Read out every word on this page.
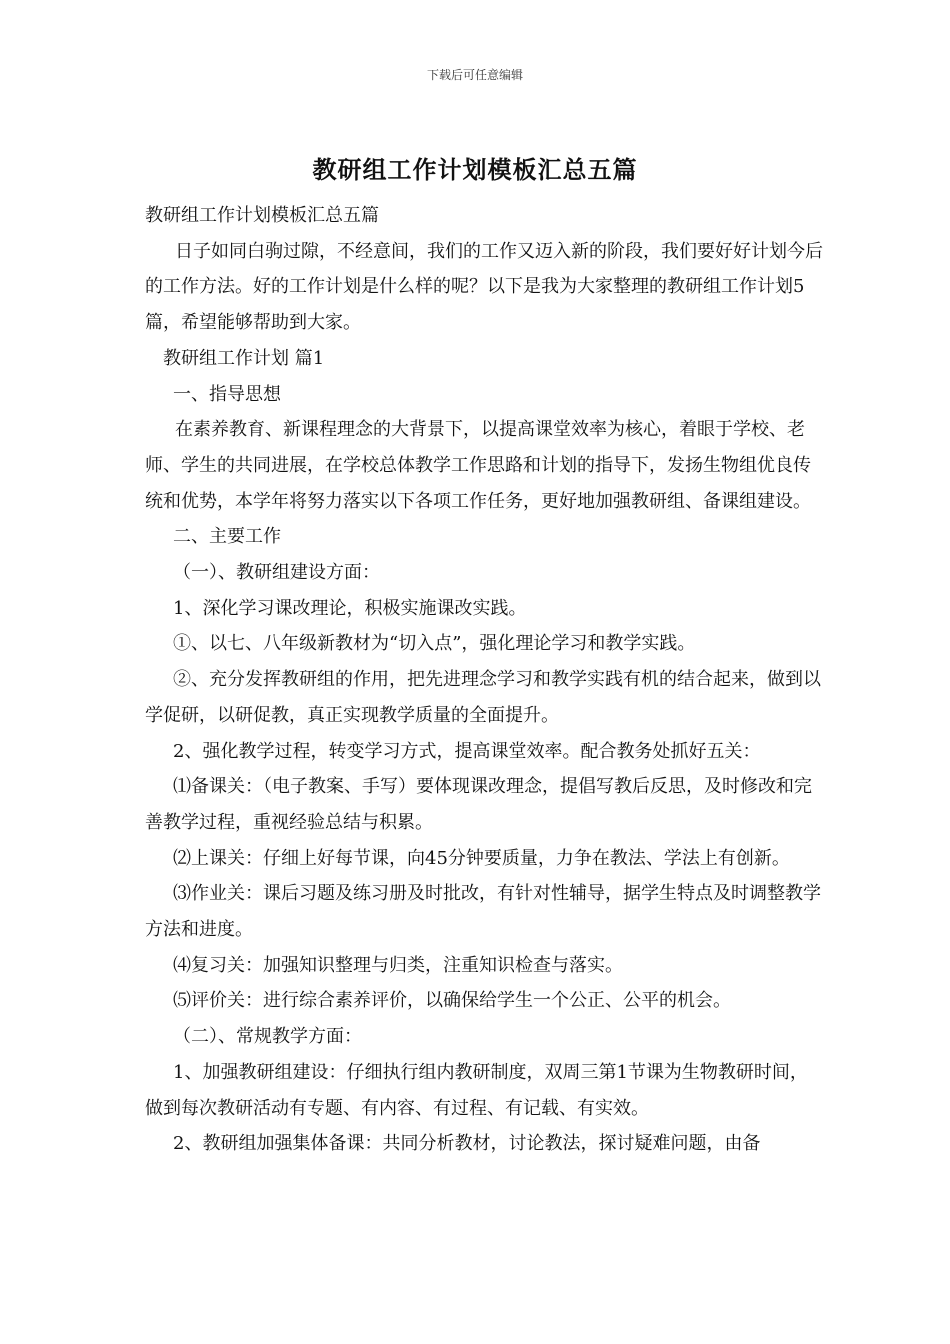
下载后可任意编辑
教研组工作计划模板汇总五篇

教研组工作计划模板汇总五篇

日子如同白驹过隙，不经意间，我们的工作又迈入新的阶段，我们要好好计划今后的工作方法。好的工作计划是什么样的呢？以下是我为大家整理的教研组工作计划5篇，希望能够帮助到大家。

教研组工作计划 篇1

一、指导思想

在素养教育、新课程理念的大背景下，以提高课堂效率为核心，着眼于学校、老师、学生的共同进展，在学校总体教学工作思路和计划的指导下，发扬生物组优良传统和优势，本学年将努力落实以下各项工作任务，更好地加强教研组、备课组建设。

二、主要工作

（一）、教研组建设方面：

1、深化学习课改理论，积极实施课改实践。

①、以七、八年级新教材为“切入点”，强化理论学习和教学实践。

②、充分发挥教研组的作用，把先进理念学习和教学实践有机的结合起来，做到以学促研，以研促教，真正实现教学质量的全面提升。

2、强化教学过程，转变学习方式，提高课堂效率。配合教务处抓好五关：

⑴备课关：（电子教案、手写）要体现课改理念，提倡写教后反思，及时修改和完善教学过程，重视经验总结与积累。

⑵上课关：仔细上好每节课，向45分钟要质量，力争在教法、学法上有创新。

⑶作业关：课后习题及练习册及时批改，有针对性辅导，据学生特点及时调整教学方法和进度。

⑷复习关：加强知识整理与归类，注重知识检查与落实。

⑸评价关：进行综合素养评价，以确保给学生一个公正、公平的机会。

（二）、常规教学方面：

1、加强教研组建设：仔细执行组内教研制度，双周三第1节课为生物教研时间，做到每次教研活动有专题、有内容、有过程、有记载、有实效。

2、教研组加强集体备课：共同分析教材，讨论教法，探讨疑难问题，由备
